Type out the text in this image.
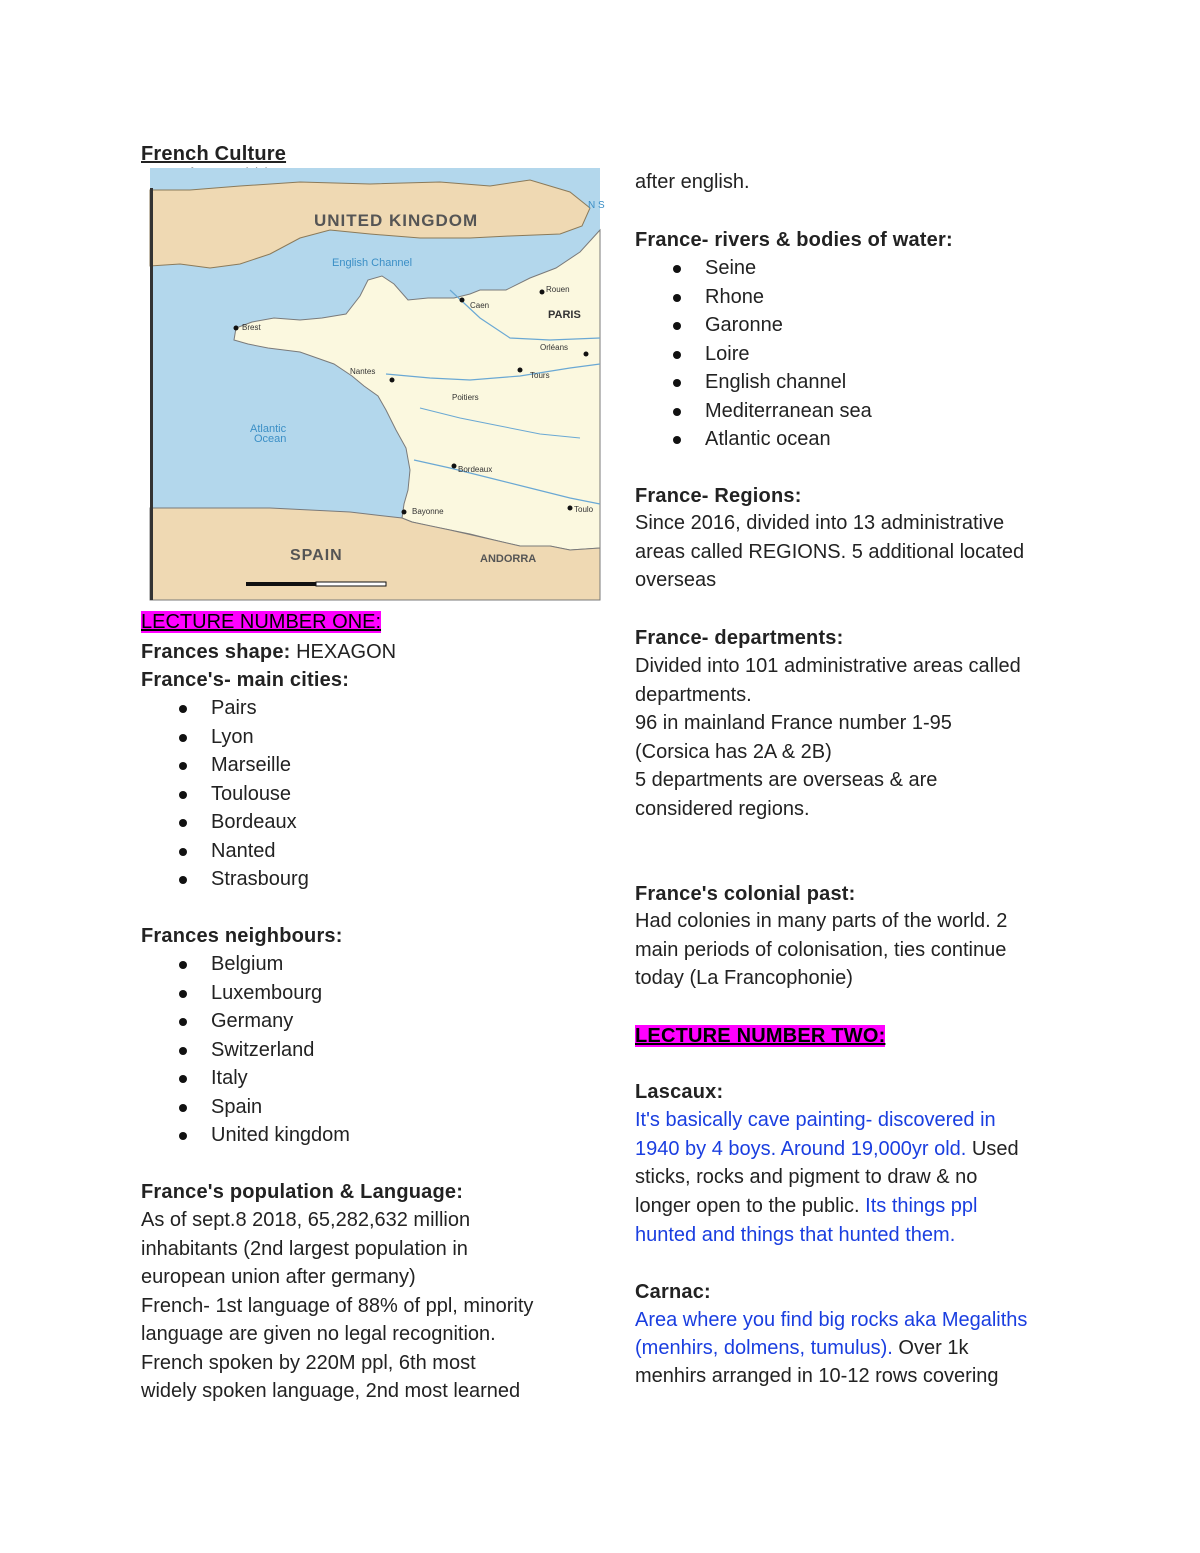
French Culture
LECTURE NUMBER ONE:
Frances shape: HEXAGON
France's- main cities:
Pairs
Lyon
Marseille
Toulouse
Bordeaux
Nanted
Strasbourg
Frances neighbours:
Belgium
Luxembourg
Germany
Switzerland
Italy
Spain
United kingdom
France's population & Language:
As of sept.8 2018, 65,282,632 million
inhabitants (2nd largest population in
european union after germany)
French- 1st language of 88% of ppl, minority
language are given no legal recognition.
French spoken by 220M ppl, 6th most
widely spoken language, 2nd most learned
UNITED KINGDOM
English Channel
PARIS
Rouen
Caen
Brest
Orléans
Nantes	Tours
Poitiers
Atlantic
Ocean
Bordeaux
Bayonne	Toulo
SPAIN	ANDORRA
N S
after english.
France- rivers & bodies of water:
Seine
Rhone
Garonne
Loire
English channel
Mediterranean sea
Atlantic ocean
France- Regions:
Since 2016, divided into 13 administrative
areas called REGIONS. 5 additional located
overseas
France- departments:
Divided into 101 administrative areas called
departments.
96 in mainland France number 1-95
(Corsica has 2A & 2B)
5 departments are overseas & are
considered regions.
France's colonial past:
Had colonies in many parts of the world. 2
main periods of colonisation, ties continue
today (La Francophonie)
LECTURE NUMBER TWO:
Lascaux:
It's basically cave painting- discovered in
1940 by 4 boys. Around 19,000yr old. Used
sticks, rocks and pigment to draw & no
longer open to the public. Its things ppl
hunted and things that hunted them.
Carnac:
Area where you find big rocks aka Megaliths
(menhirs, dolmens, tumulus). Over 1k
menhirs arranged in 10-12 rows covering
